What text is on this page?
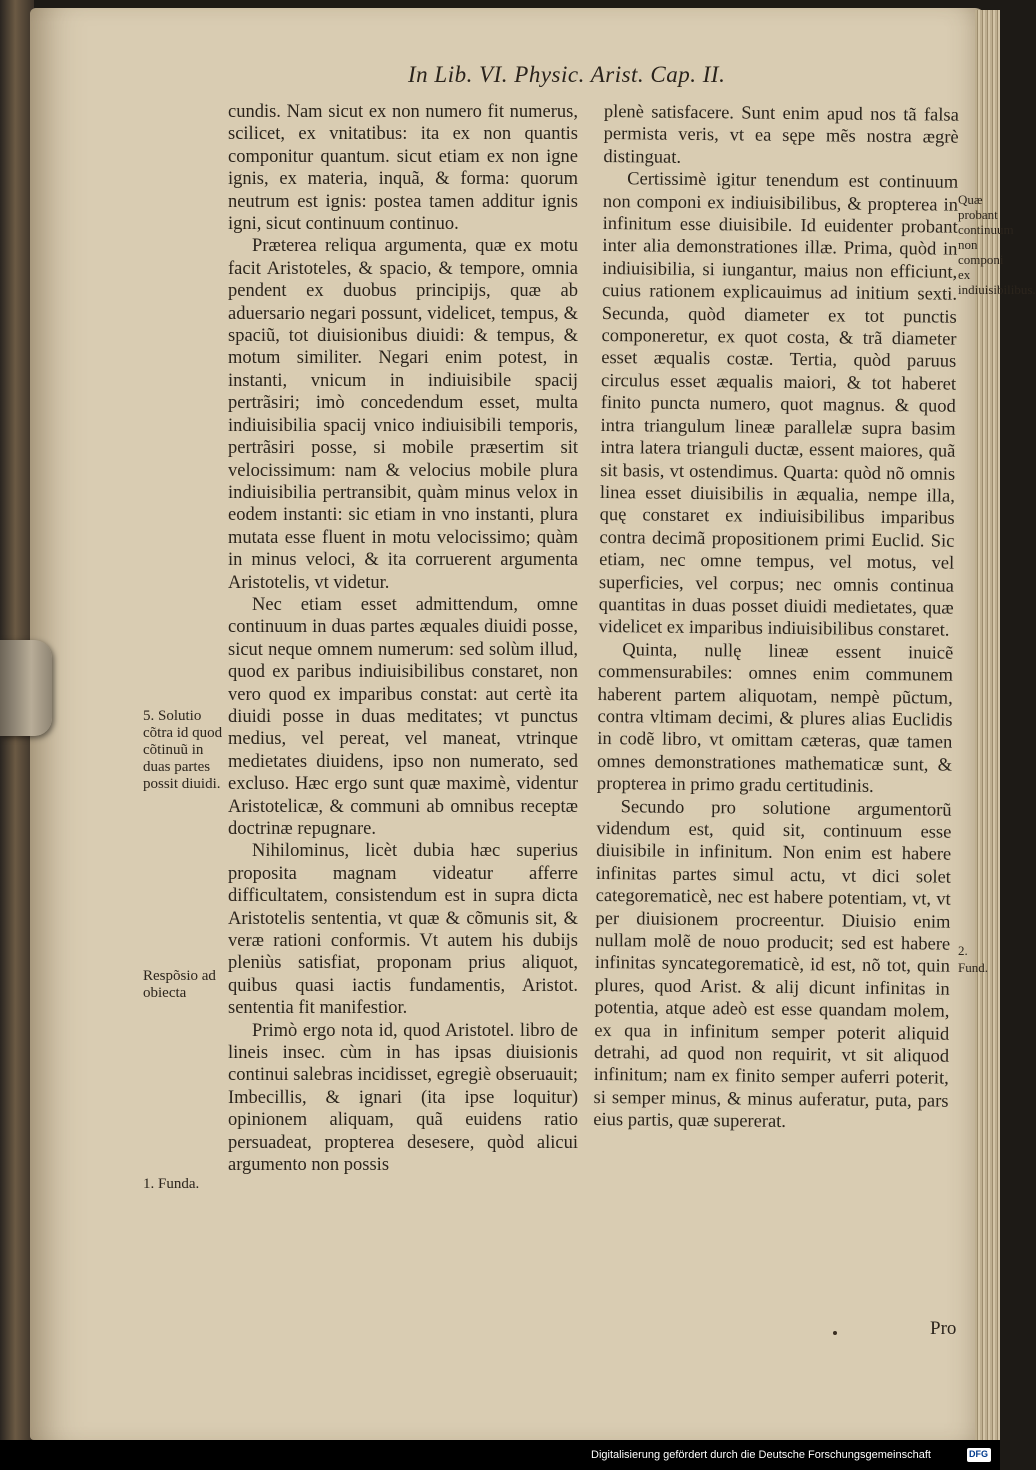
In Lib. VI. Physic. Arist. Cap. II.

cundis. Nam sicut ex non numero fit numerus, scilicet, ex vnitatibus: ita ex non quantis componitur quantum. sicut etiam ex non igne ignis, ex materia, inquã, & forma: quorum neutrum est ignis: postea tamen additur ignis igni, sicut continuum continuo.

Præterea reliqua argumenta, quæ ex motu facit Aristoteles, & spacio, & tempore, omnia pendent ex duobus principijs, quæ ab aduersario negari possunt, videlicet, tempus, & spaciũ, tot diuisionibus diuidi: & tempus, & motum similiter. Negari enim potest, in instanti, vnicum in indiuisibile spacij pertrãsiri; imò concedendum esset, multa indiuisibilia spacij vnico indiuisibili temporis, pertrãsiri posse, si mobile præsertim sit velocissimum: nam & velocius mobile plura indiuisibilia pertransibit, quàm minus velox in eodem instanti: sic etiam in vno instanti, plura mutata esse fluent in motu velocissimo; quàm in minus veloci, & ita corruerent argumenta Aristotelis, vt videtur.

Nec etiam esset admittendum, omne continuum in duas partes æquales diuidi posse, sicut neque omnem numerum: sed solùm illud, quod ex paribus indiuisibilibus constaret, non vero quod ex imparibus constat: aut certè ita diuidi posse in duas meditates; vt punctus medius, vel pereat, vel maneat, vtrinque medietates diuidens, ipso non numerato, sed excluso. Hæc ergo sunt quæ maximè, videntur Aristotelicæ, & communi ab omnibus receptæ doctrinæ repugnare.

Nihilominus, licèt dubia hæc superius proposita magnam videatur afferre difficultatem, consistendum est in supra dicta Aristotelis sententia, vt quæ & cõmunis sit, & veræ rationi conformis. Vt autem his dubijs pleniùs satisfiat, proponam prius aliquot, quibus quasi iactis fundamentis, Aristot. sententia fit manifestior.

Primò ergo nota id, quod Aristotel. libro de lineis insec. cùm in has ipsas diuisionis continui salebras incidisset, egregiè obseruauit; Imbecillis, & ignari (ita ipse loquitur) opinionem aliquam, quã euidens ratio persuadeat, propterea desesere, quòd alicui argumento non possis

plenè satisfacere. Sunt enim apud nos tã falsa permista veris, vt ea sępe mẽs nostra ægrè distinguat.

Certissimè igitur tenendum est continuum non componi ex indiuisibilibus, & propterea in infinitum esse diuisibile. Id euidenter probant inter alia demonstrationes illæ. Prima, quòd in indiuisibilia, si iungantur, maius non efficiunt, cuius rationem explicauimus ad initium sexti. Secunda, quòd diameter ex tot punctis componeretur, ex quot costa, & trã diameter esset æqualis costæ. Tertia, quòd paruus circulus esset æqualis maiori, & tot haberet finito puncta numero, quot magnus. & quod intra triangulum lineæ parallelæ supra basim intra latera trianguli ductæ, essent maiores, quã sit basis, vt ostendimus. Quarta: quòd nõ omnis linea esset diuisibilis in æqualia, nempe illa, quę constaret ex indiuisibilibus imparibus contra decimã propositionem primi Euclid. Sic etiam, nec omne tempus, vel motus, vel superficies, vel corpus; nec omnis continua quantitas in duas posset diuidi medietates, quæ videlicet ex imparibus indiuisibilibus constaret.

Quinta, nullę lineæ essent inuicẽ commensurabiles: omnes enim communem haberent partem aliquotam, nempè pũctum, contra vltimam decimi, & plures alias Euclidis in codẽ libro, vt omittam cæteras, quæ tamen omnes demonstrationes mathematicæ sunt, & propterea in primo gradu certitudinis.

Secundo pro solutione argumentorũ videndum est, quid sit, continuum esse diuisibile in infinitum. Non enim est habere infinitas partes simul actu, vt dici solet categorematicè, nec est habere potentiam, vt, vt per diuisionem procreentur. Diuisio enim nullam molẽ de nouo producit; sed est habere infinitas syncategorematicè, id est, nõ tot, quin plures, quod Arist. & alij dicunt infinitas in potentia, atque adeò est esse quandam molem, ex qua in infinitum semper poterit aliquid detrahi, ad quod non requirit, vt sit aliquod infinitum; nam ex finito semper auferri poterit, si semper minus, & minus auferatur, puta, pars eius partis, quæ supererat.

5. Solutio cõtra id quod cõtinuũ in duas partes possit diuidi.
Respõsio ad obiecta
1. Funda.
Quæ probant continuum non componi ex indiuisibilibus.
2. Fund.
Pro
Digitalisierung gefördert durch die Deutsche Forschungsgemeinschaft	DFG
